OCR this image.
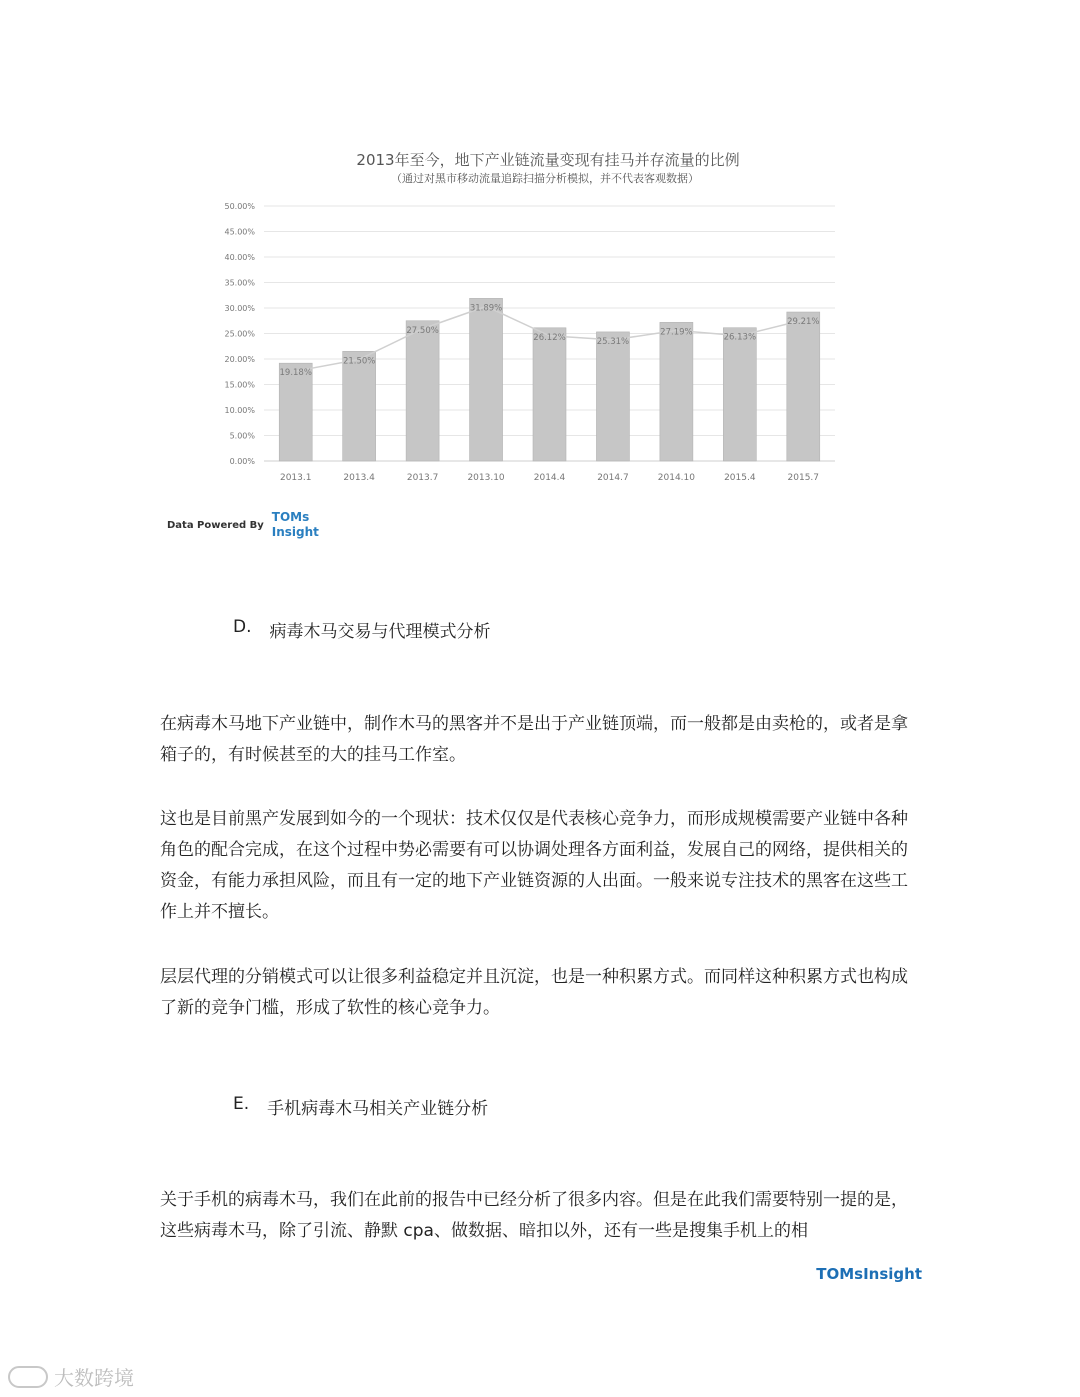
2013年至今，地下产业链流量变现有挂马并存流量的比例
（通过对黑市移动流量追踪扫描分析模拟，并不代表客观数据）
0.00%
5.00%
10.00%
15.00%
20.00%
25.00%
30.00%
35.00%
40.00%
45.00%
50.00%
19.18%
21.50%
27.50%
31.89%
26.12%	25.31%
27.19%
26.13%
29.21%
2013.1	2013.4	2013.7	2013.10	2014.4	2014.7	2014.10	2015.4	2015.7
Data Powered By
TOMs
Insight
D. 病毒木马交易与代理模式分析

在病毒木马地下产业链中，制作木马的黑客并不是出于产业链顶端，而一般都是由卖枪的，或者是拿箱子的，有时候甚至的大的挂马工作室。

这也是目前黑产发展到如今的一个现状：技术仅仅是代表核心竞争力，而形成规模需要产业链中各种角色的配合完成，在这个过程中势必需要有可以协调处理各方面利益，发展自己的网络，提供相关的资金，有能力承担风险，而且有一定的地下产业链资源的人出面。一般来说专注技术的黑客在这些工作上并不擅长。

层层代理的分销模式可以让很多利益稳定并且沉淀，也是一种积累方式。而同样这种积累方式也构成了新的竞争门槛，形成了软性的核心竞争力。

E. 手机病毒木马相关产业链分析

关于手机的病毒木马，我们在此前的报告中已经分析了很多内容。但是在此我们需要特别一提的是，这些病毒木马，除了引流、静默 cpa、做数据、暗扣以外，还有一些是搜集手机上的相

TOMsInsight
大数跨境
